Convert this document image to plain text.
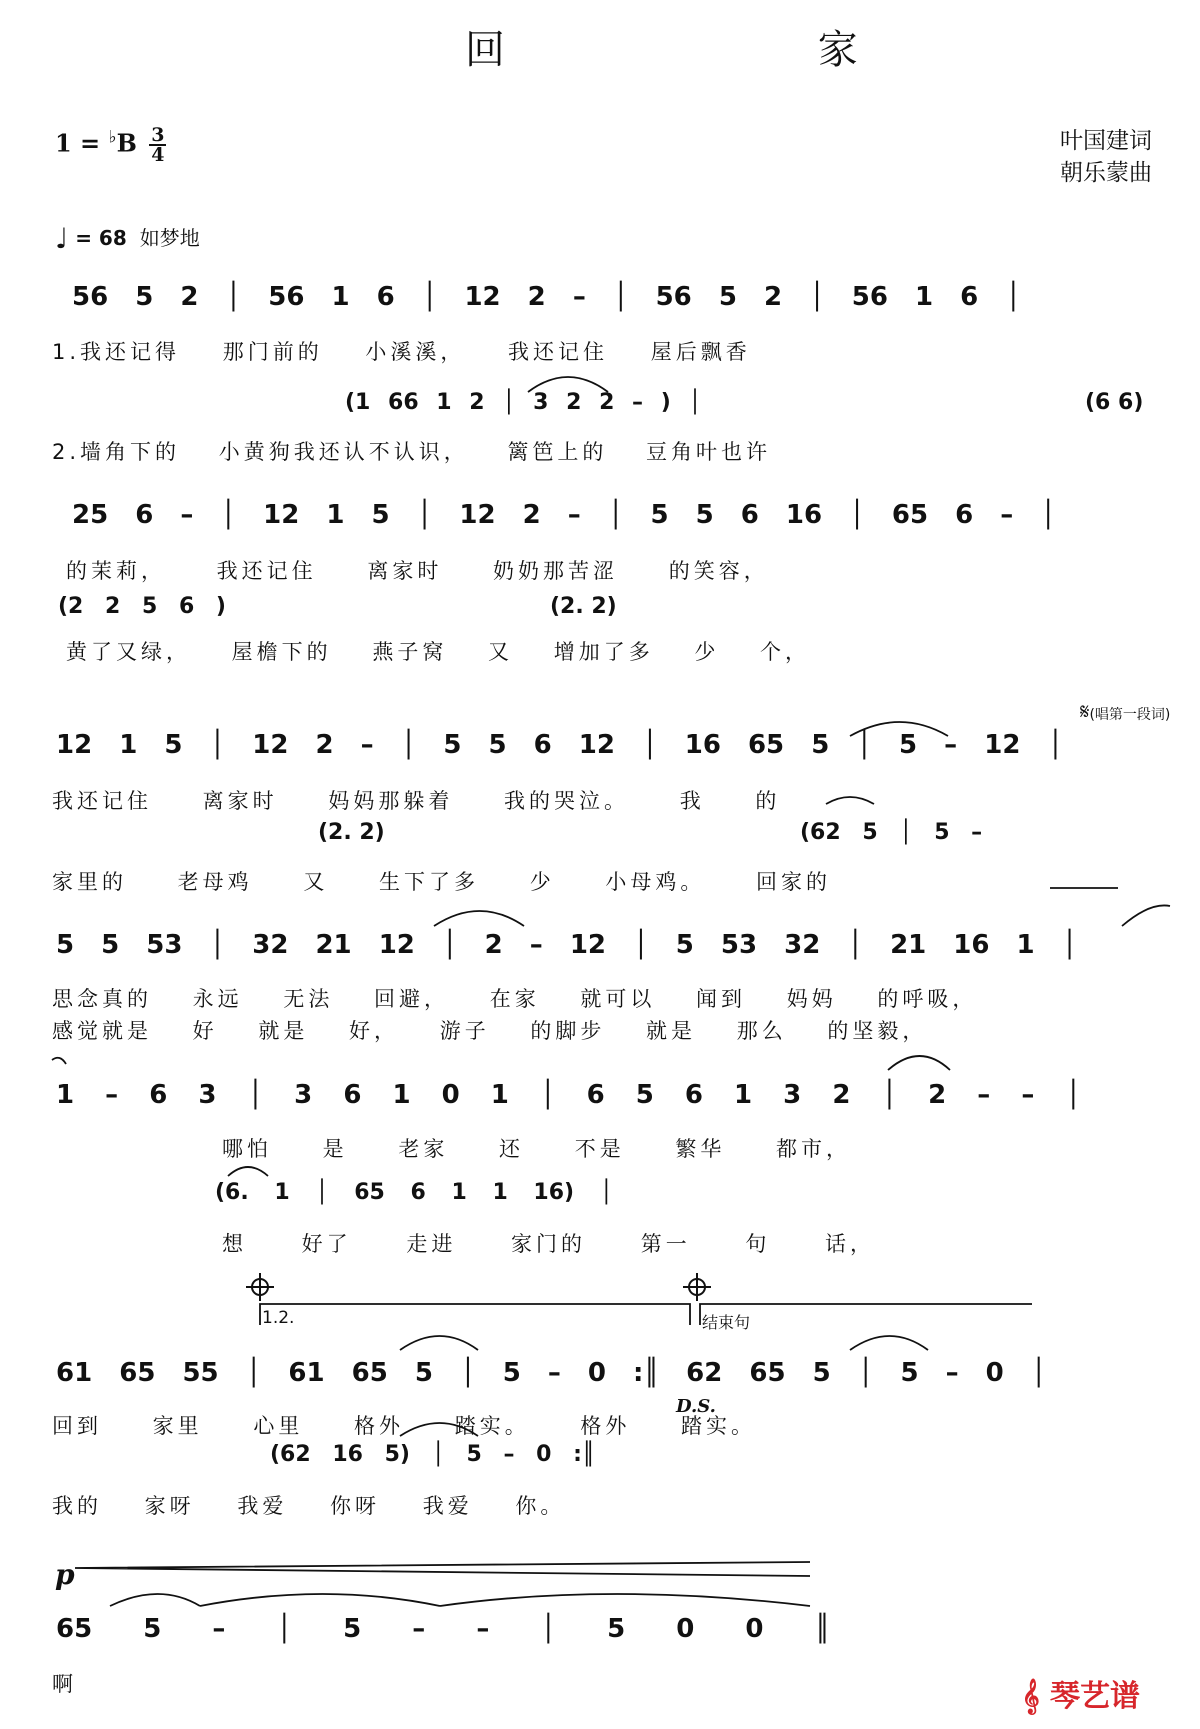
回 家
$1 = ^♭B \frac{3}{4}$	叶国建词
朝乐蒙曲
♩ = 68 如梦地
56 5 2 │ 56 1 6 │ 12 2 – │ 56 5 2 │ 56 1 6 │
1.我还记得 那门前的 小溪溪， 我还记住 屋后飘香
(1 66 1 2 │ 3 2 2 – ) │	(6 6)
2.墙角下的 小黄狗我还认不认识， 篱笆上的 豆角叶也许
25 6 – │ 12 1 5 │ 12 2 – │ 5 5 6 16 │ 65 6 – │
的茉莉， 我还记住 离家时 奶奶那苦涩 的笑容，
(2 2 5 6 )	(2. 2)
黄了又绿， 屋檐下的 燕子窝 又 增加了多 少 个，
𝄋(唱第一段词)
12 1 5 │ 12 2 – │ 5 5 6 12 │ 16 65 5 │ 5 – 12 │
我还记住 离家时 妈妈那躲着 我的哭泣。 我 的
(2. 2)	(62 5 │ 5 –
家里的 老母鸡 又 生下了多 少 小母鸡。 回家的
5 5 53 │ 32 21 12 │ 2 – 12 │ 5 53 32 │ 21 16 1 │
思念真的 永远 无法 回避， 在家 就可以 闻到 妈妈 的呼吸，
感觉就是 好 就是 好， 游子 的脚步 就是 那么 的坚毅，
1 – 6 3 │ 3 6 1 0 1 │ 6 5 6 1 3 2 │ 2 – – │
哪怕 是 老家 还 不是 繁华 都市，
(6. 1 │ 65 6 1 1 16) │
想 好了 走进 家门的 第一 句 话，
1.2.	结束句
61 65 55 │ 61 65 5 │ 5 – 0 :║ 62 65 5 │ 5 – 0 │
D.S.
回到 家里 心里 格外 踏实。 格外 踏实。
(62 16 5) │ 5 – 0 :║
我的 家呀 我爱 你呀 我爱 你。
p
65 5 – │ 5 – – │ 5 0 0 ║
啊	𝄞 琴艺谱
